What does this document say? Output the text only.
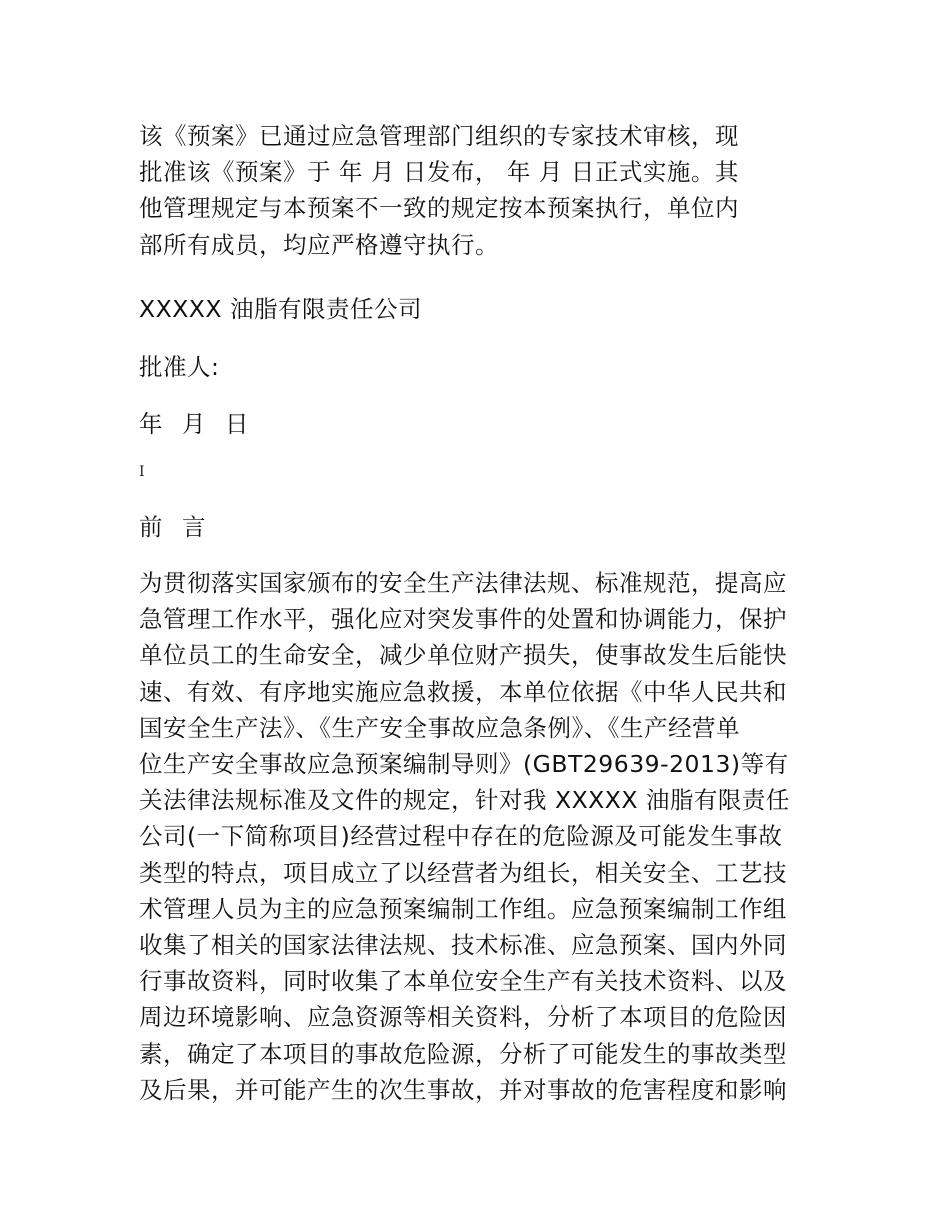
该《预案》已通过应急管理部门组织的专家技术审核，现
批准该《预案》于 年 月 日发布， 年 月 日正式实施。其
他管理规定与本预案不一致的规定按本预案执行，单位内
部所有成员，均应严格遵守执行。

XXXXX 油脂有限责任公司

批准人:

年 月 日

I

前 言

为贯彻落实国家颁布的安全生产法律法规、标准规范，提高应
急管理工作水平，强化应对突发事件的处置和协调能力，保护
单位员工的生命安全，减少单位财产损失，使事故发生后能快
速、有效、有序地实施应急救援，本单位依据《中华人民共和
国安全生产法》、《生产安全事故应急条例》、《生产经营单
位生产安全事故应急预案编制导则》(GBT29639-2013)等有
关法律法规标准及文件的规定，针对我 XXXXX 油脂有限责任
公司(一下简称项目)经营过程中存在的危险源及可能发生事故
类型的特点，项目成立了以经营者为组长，相关安全、工艺技
术管理人员为主的应急预案编制工作组。应急预案编制工作组
收集了相关的国家法律法规、技术标准、应急预案、国内外同
行事故资料，同时收集了本单位安全生产有关技术资料、以及
周边环境影响、应急资源等相关资料，分析了本项目的危险因
素，确定了本项目的事故危险源，分析了可能发生的事故类型
及后果，并可能产生的次生事故，并对事故的危害程度和影响
